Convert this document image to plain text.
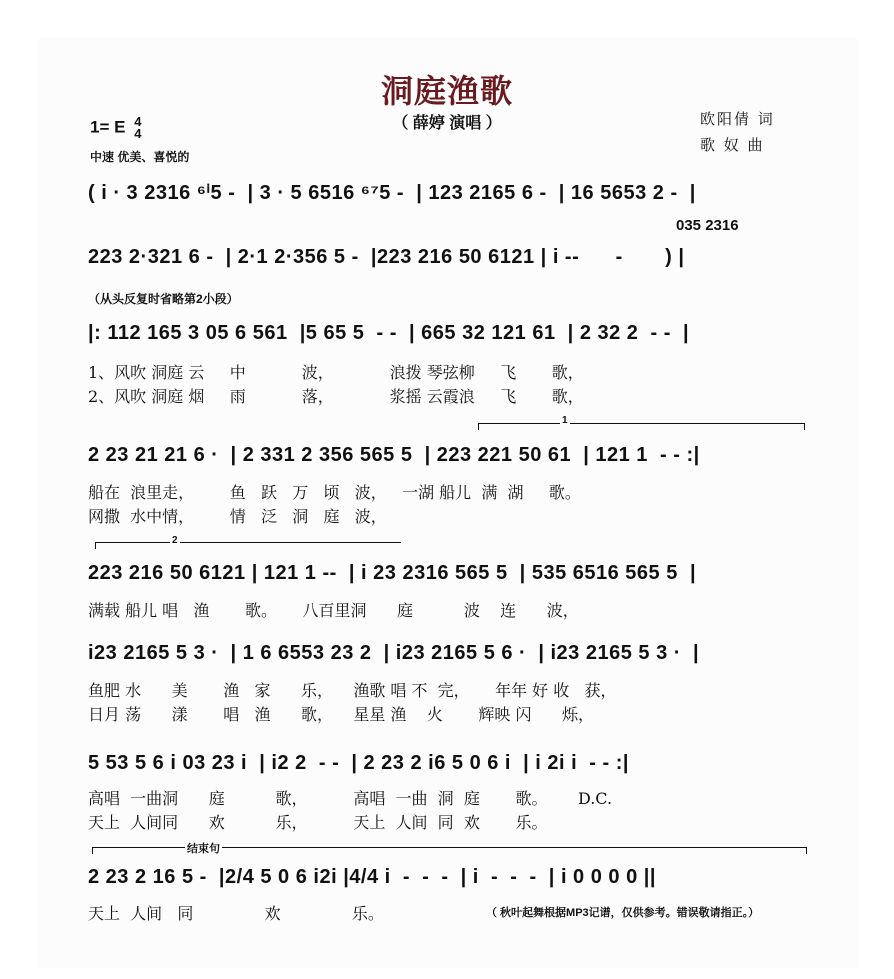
洞庭渔歌
（ 薛婷 演唱 ）
1= E 4
4
中速 优美、喜悦的
欧阳倩 词
歌 奴 曲
( i · 3 2316 ⁶ⁱ5 -  | 3 · 5 6516 ⁶⁷5 -  | 123 2165 6 -  | 16 5653 2 -  |
035 2316
223 2·321 6 -  | 2·1 2·356 5 -  |223 216 50 6121 | i --      -       ) |
（从头反复时省略第2小段）
|: 112 165 3 05 6 561  |5 65 5  - -  | 665 32 121 61  | 2 32 2  - -  |
1、风吹 洞庭 云     中           波，           浪拨 琴弦柳     飞       歌，
2、风吹 洞庭 烟     雨           落，           浆摇 云霞浪     飞       歌，
1
2 23 21 21 6 ·  | 2 331 2 356 565 5  | 223 221 50 61  | 121 1  - - :|
船在  浪里走，       鱼   跃   万   顷   波，   一湖 船儿  满  湖     歌。
网撒  水中情，       情   泛   洞   庭   波，
2
223 216 50 6121 | 121 1 --  | i 23 2316 565 5  | 535 6516 565 5  |
满载 船儿 唱   渔       歌。     八百里洞      庭          波    连      波，
i23 2165 5 3 ·  | 1 6 6553 23 2  | i23 2165 5 6 ·  | i23 2165 5 3 ·  |
鱼肥 水      美       渔   家      乐，    渔歌 唱 不  完，     年年 好 收   获，
日月 荡      漾       唱   渔      歌，    星星 渔    火       辉映 闪      烁，
5 53 5 6 i 03 23 i  | i2 2  - -  | 2 23 2 i6 5 0 6 i  | i 2i i  - - :|
高唱  一曲洞      庭          歌，         高唱  一曲  洞  庭       歌。      D.C.
天上  人间同      欢          乐，         天上  人间  同  欢       乐。
结束句
2 23 2 16 5 -  |2/4 5 0 6 i2i |4/4 i  -  -  -  | i  -  -  -  | i 0 0 0 0 ||
天上  人间   同              欢              乐。	（ 秋叶起舞根据MP3记谱，仅供参考。错误敬请指正。）
